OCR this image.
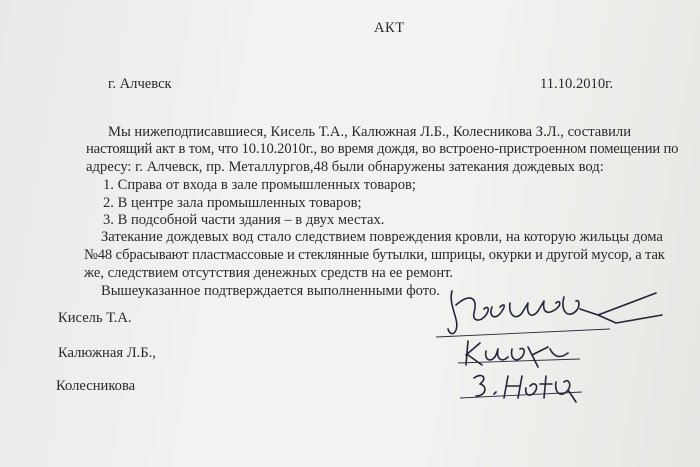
АКТ
г. Алчевск	11.10.2010г.
Мы нижеподписавшиеся, Кисель Т.А., Калюжная Л.Б., Колесникова З.Л., составили
настоящий акт в том, что 10.10.2010г., во время дождя, во встроено-пристроенном помещении по
адресу: г. Алчевск, пр. Металлургов,48 были обнаружены затекания дождевых вод:
1. Справа от входа в зале промышленных товаров;
2. В центре зала промышленных товаров;
3. В подсобной части здания – в двух местах.
Затекание дождевых вод стало следствием повреждения кровли, на которую жильцы дома
№48 сбрасывают пластмассовые и стеклянные бутылки, шприцы, окурки и другой мусор, а так
же, следствием отсутствия денежных средств на ее ремонт.
Вышеуказанное подтверждается выполненными фото.
Кисель Т.А.
Калюжная Л.Б.,
Колесникова
